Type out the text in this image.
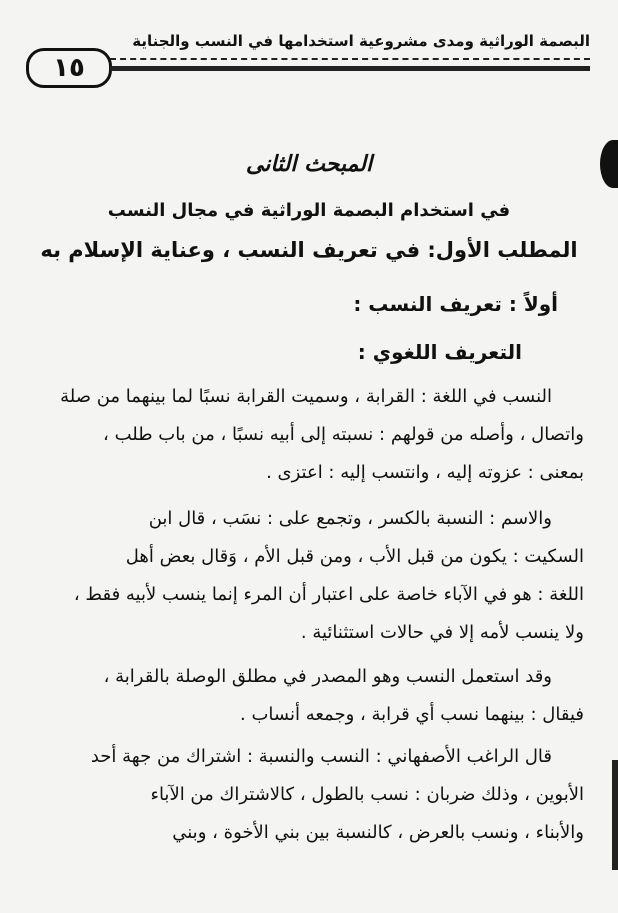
١٥
البصمة الوراثية ومدى مشروعية استخدامها في النسب والجناية
المبحث الثانى
في استخدام البصمة الوراثية في مجال النسب
المطلب الأول: في تعريف النسب ، وعناية الإسلام به
أولاً : تعريف النسب :
التعريف اللغوي :
النسب في اللغة : القرابة ، وسميت القرابة نسبًا لما بينهما من صلة
واتصال ، وأصله من قولهم : نسبته إلى أبيه نسبًا ، من باب طلب ،
بمعنى : عزوته إليه ، وانتسب إليه : اعتزى .
والاسم : النسبة بالكسر ، وتجمع على : نسَب ، قال ابن
السكيت : يكون من قبل الأب ، ومن قبل الأم ، وَقال بعض أهل
اللغة : هو في الآباء خاصة على اعتبار أن المرء إنما ينسب لأبيه فقط ،
ولا ينسب لأمه إلا في حالات استثنائية .
وقد استعمل النسب وهو المصدر في مطلق الوصلة بالقرابة ،
فيقال : بينهما نسب أي قرابة ، وجمعه أنساب .
قال الراغب الأصفهاني : النسب والنسبة : اشتراك من جهة أحد
الأبوين ، وذلك ضربان : نسب بالطول ، كالاشتراك من الآباء
والأبناء ، ونسب بالعرض ، كالنسبة بين بني الأخوة ، وبني
